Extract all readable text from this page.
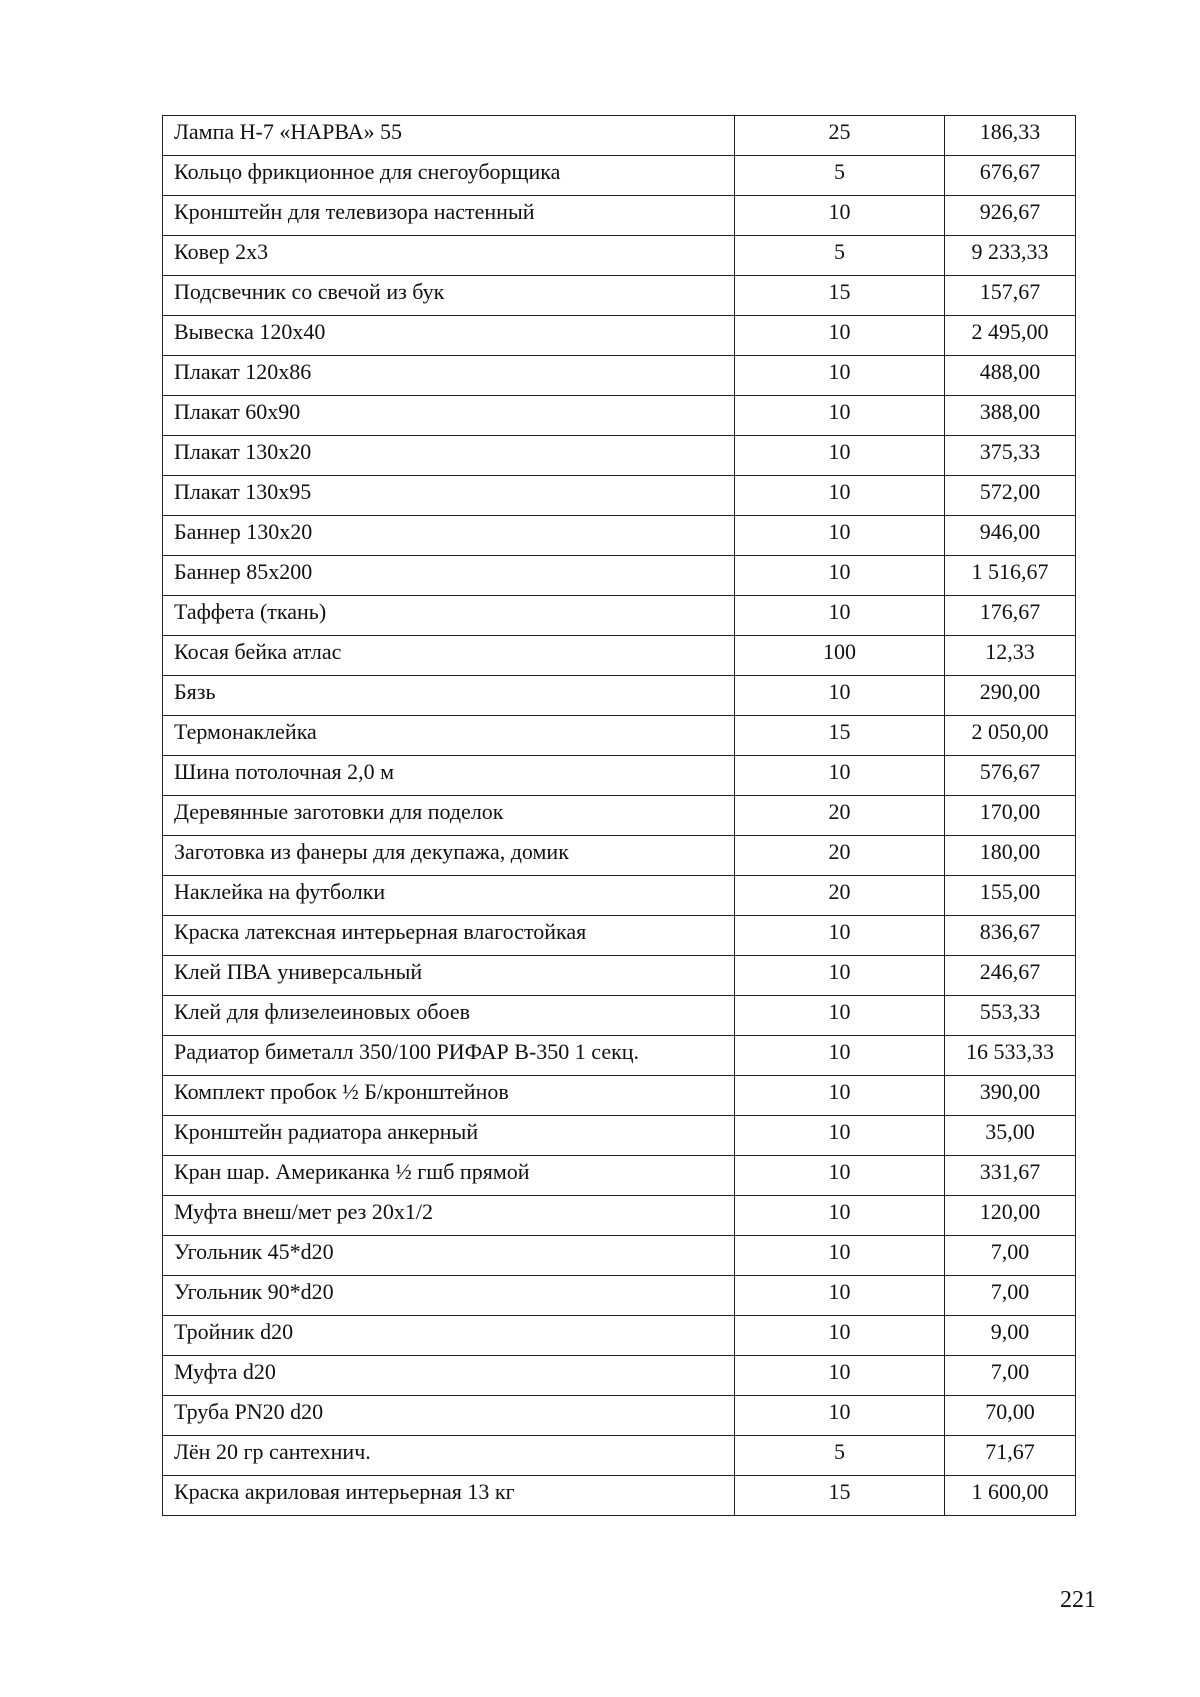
Лампа Н-7 «НАРВА» 55	25	186,33
Кольцо фрикционное для снегоуборщика	5	676,67
Кронштейн для телевизора настенный	10	926,67
Ковер 2х3	5	9 233,33
Подсвечник со свечой из бук	15	157,67
Вывеска 120х40	10	2 495,00
Плакат 120х86	10	488,00
Плакат 60х90	10	388,00
Плакат 130х20	10	375,33
Плакат 130х95	10	572,00
Баннер 130х20	10	946,00
Баннер 85х200	10	1 516,67
Таффета (ткань)	10	176,67
Косая бейка атлас	100	12,33
Бязь	10	290,00
Термонаклейка	15	2 050,00
Шина потолочная 2,0 м	10	576,67
Деревянные заготовки для поделок	20	170,00
Заготовка из фанеры для декупажа, домик	20	180,00
Наклейка на футболки	20	155,00
Краска латексная интерьерная влагостойкая	10	836,67
Клей ПВА универсальный	10	246,67
Клей для флизелеиновых обоев	10	553,33
Радиатор биметалл 350/100 РИФАР В-350 1 секц.	10	16 533,33
Комплект пробок ½ Б/кронштейнов	10	390,00
Кронштейн радиатора анкерный	10	35,00
Кран шар. Американка ½ гшб прямой	10	331,67
Муфта внеш/мет рез 20х1/2	10	120,00
Угольник 45*d20	10	7,00
Угольник 90*d20	10	7,00
Тройник d20	10	9,00
Муфта d20	10	7,00
Труба PN20 d20	10	70,00
Лён 20 гр сантехнич.	5	71,67
Краска акриловая интерьерная 13 кг	15	1 600,00
221
